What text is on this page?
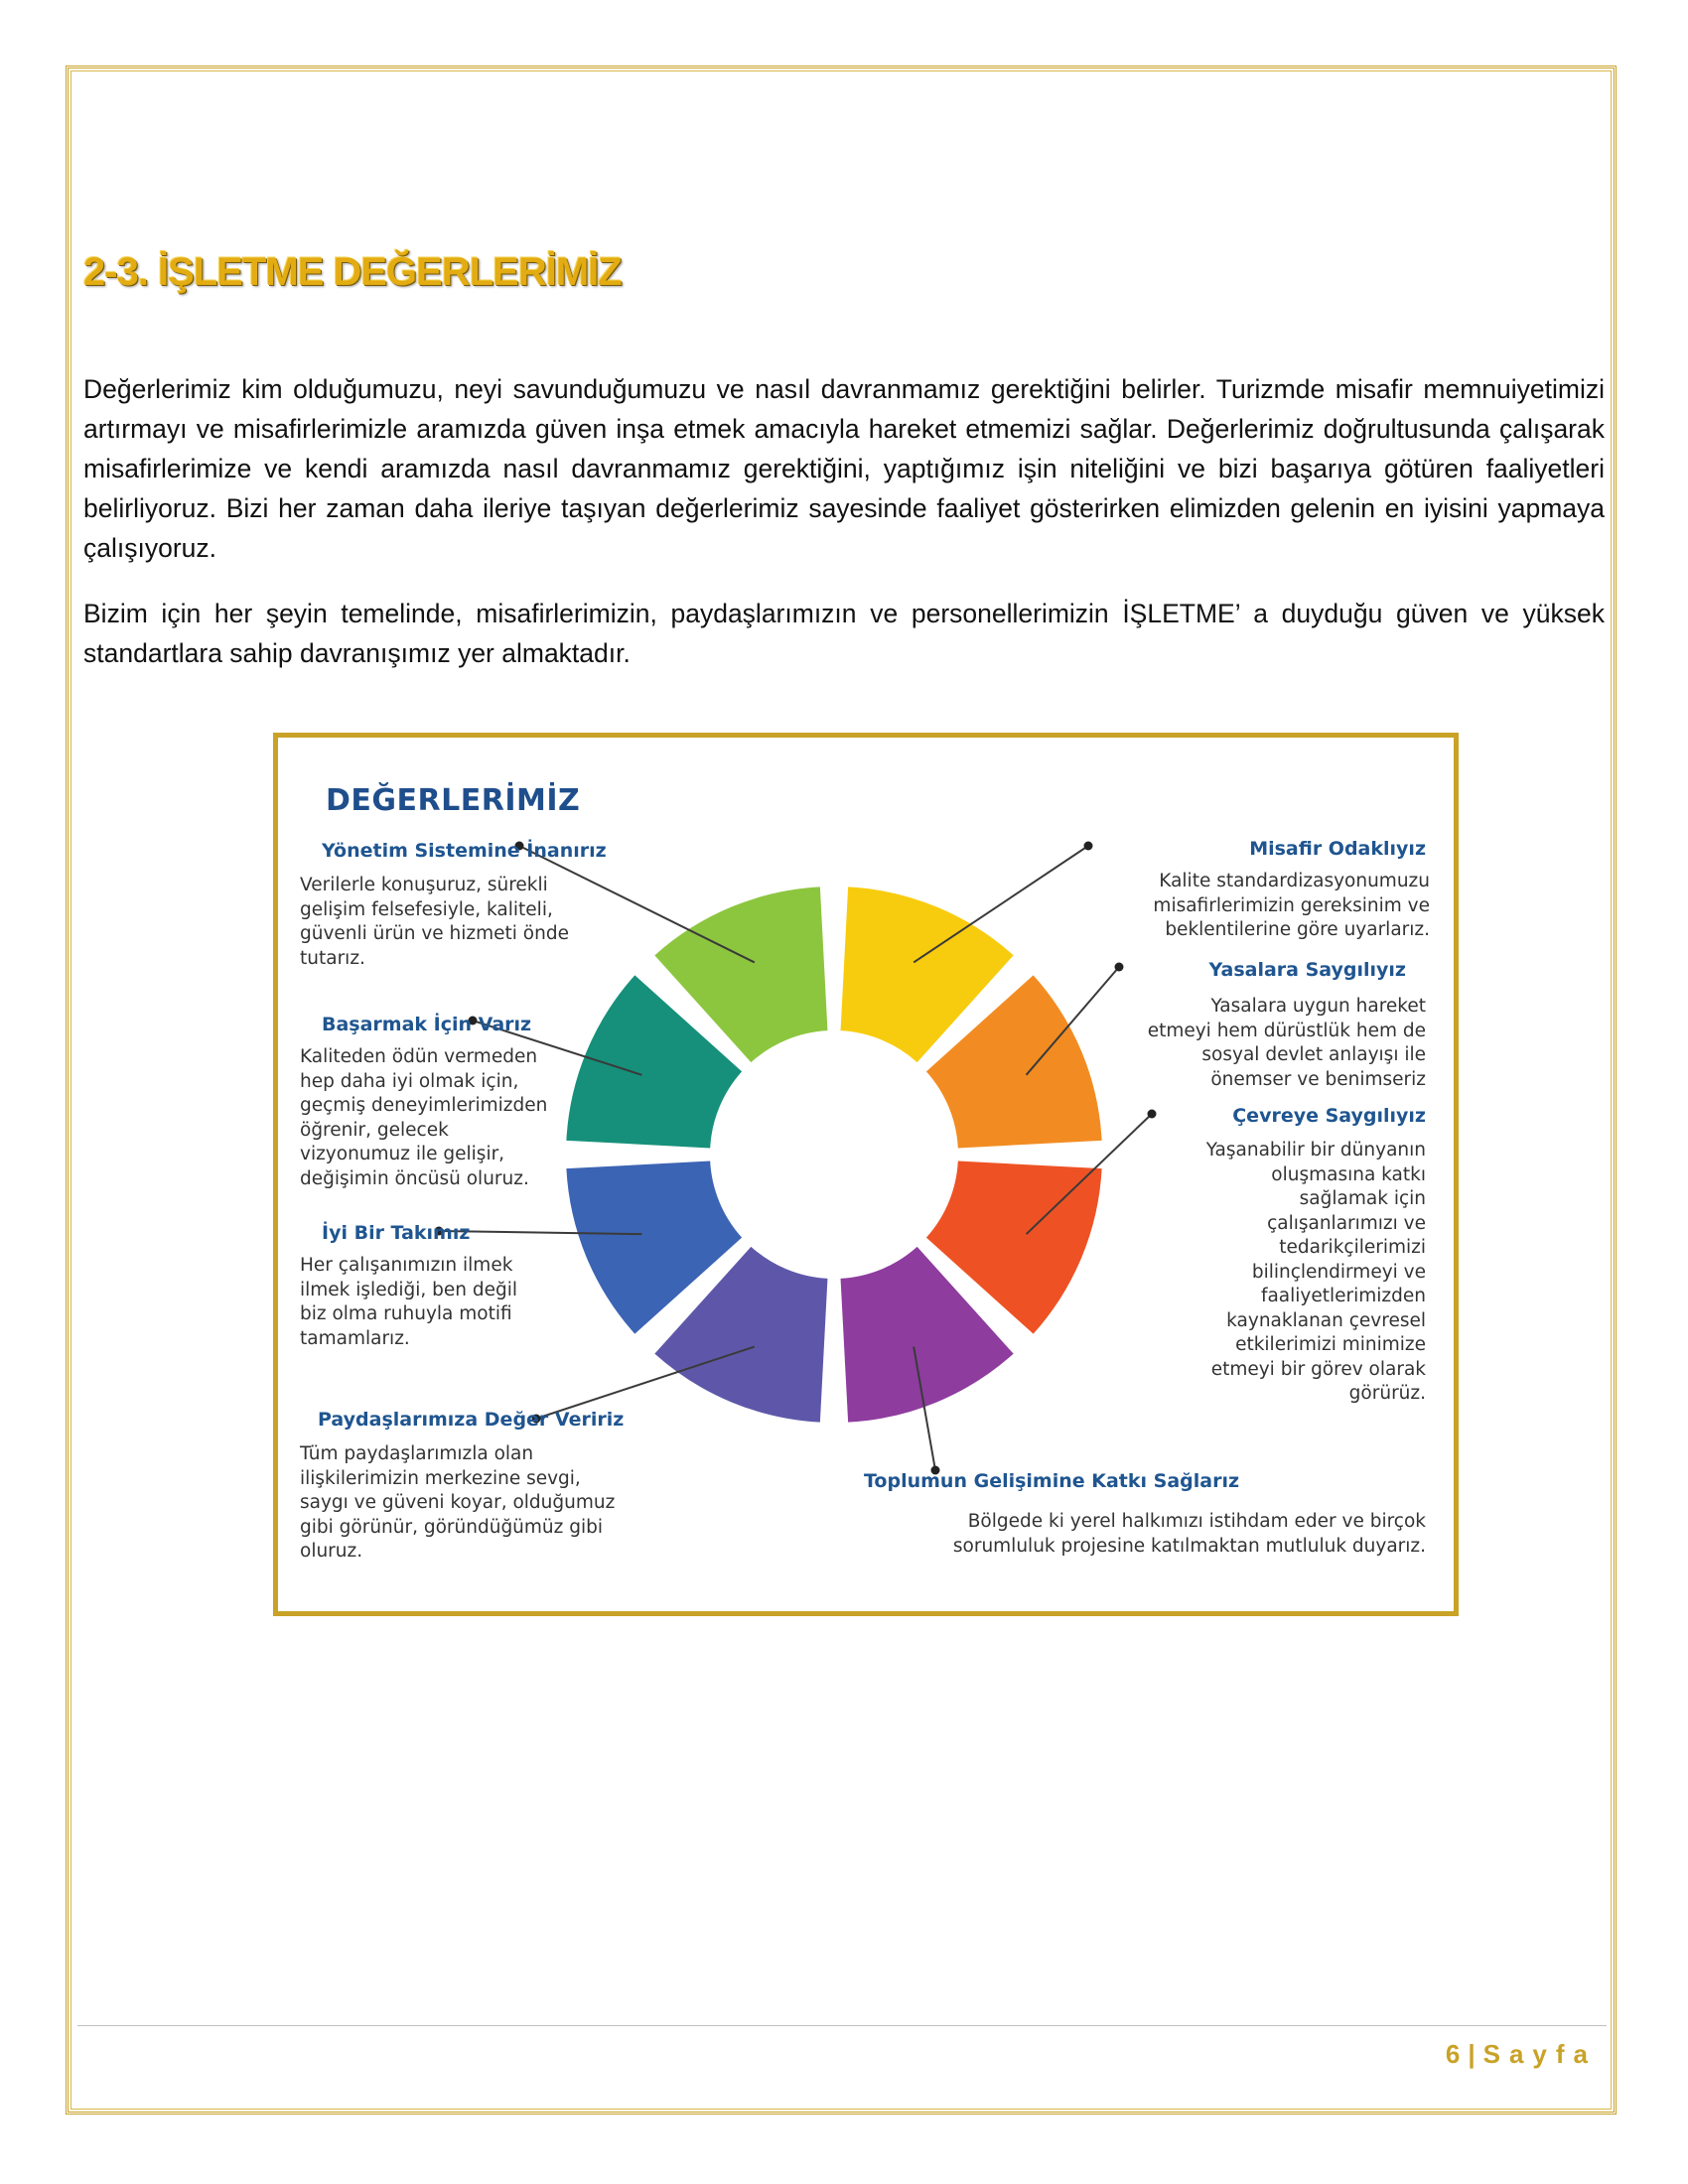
2-3. İŞLETME DEĞERLERİMİZ

Değerlerimiz kim olduğumuzu, neyi savunduğumuzu ve nasıl davranmamız gerektiğini belirler. Turizmde misafir memnuiyetimizi artırmayı ve misafirlerimizle aramızda güven inşa etmek amacıyla hareket etmemizi sağlar. Değerlerimiz doğrultusunda çalışarak misafirlerimize ve kendi aramızda nasıl davranmamız gerektiğini, yaptığımız işin niteliğini ve bizi başarıya götüren faaliyetleri belirliyoruz. Bizi her zaman daha ileriye taşıyan değerlerimiz sayesinde faaliyet gösterirken elimizden gelenin en iyisini yapmaya çalışıyoruz.

Bizim için her şeyin temelinde, misafirlerimizin, paydaşlarımızın ve personellerimizin İŞLETME’ a duyduğu güven ve yüksek standartlara sahip davranışımız yer almaktadır.

DEĞERLERİMİZ
Yönetim Sistemine İnanırız
Verilerle konuşuruz, sürekli
gelişim felsefesiyle, kaliteli,
güvenli ürün ve hizmeti önde
tutarız.
Başarmak İçin Varız
Kaliteden ödün vermeden
hep daha iyi olmak için,
geçmiş deneyimlerimizden
öğrenir, gelecek
vizyonumuz ile gelişir,
değişimin öncüsü oluruz.
İyi Bir Takımız
Her çalışanımızın ilmek
ilmek işlediği, ben değil
biz olma ruhuyla motifi
tamamlarız.
Paydaşlarımıza Değer Veririz
Tüm paydaşlarımızla olan
ilişkilerimizin merkezine sevgi,
saygı ve güveni koyar, olduğumuz
gibi görünür, göründüğümüz gibi
oluruz.
Misafir Odaklıyız
Kalite standardizasyonumuzu
misafirlerimizin gereksinim ve
beklentilerine göre uyarlarız.
Yasalara Saygılıyız
Yasalara uygun hareket
etmeyi hem dürüstlük hem de
sosyal devlet anlayışı ile
önemser ve benimseriz
Çevreye Saygılıyız
Yaşanabilir bir dünyanın
oluşmasına katkı
sağlamak için
çalışanlarımızı ve
tedarikçilerimizi
bilinçlendirmeyi ve
faaliyetlerimizden
kaynaklanan çevresel
etkilerimizi minimize
etmeyi bir görev olarak
görürüz.
Toplumun Gelişimine Katkı Sağlarız
Bölgede ki yerel halkımızı istihdam eder ve birçok
sorumluluk projesine katılmaktan mutluluk duyarız.

6 | Sayfa
